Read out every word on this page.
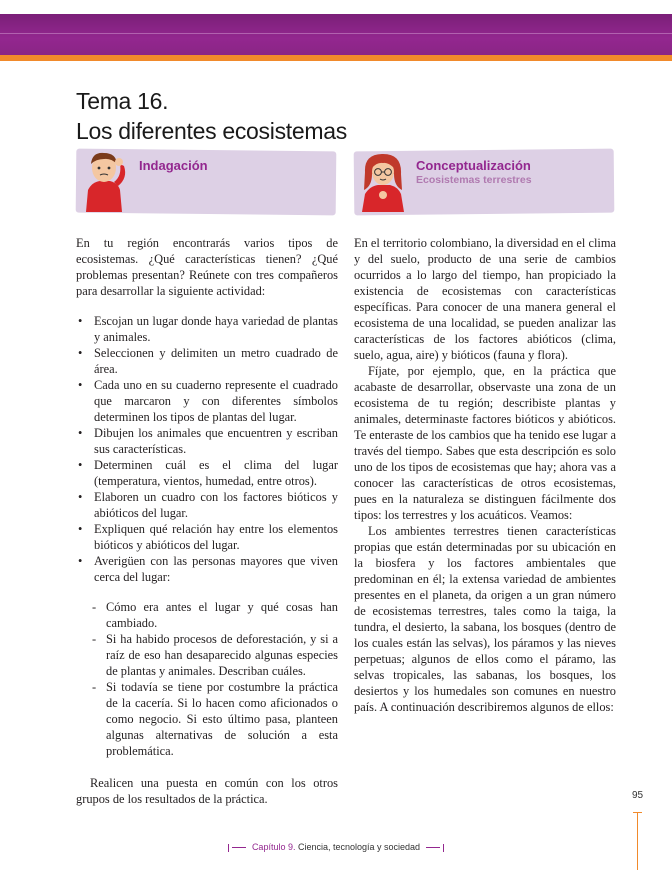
Tema 16.
Los diferentes ecosistemas
Indagación	Conceptualización
Ecosistemas terrestres

En tu región encontrarás varios tipos de ecosistemas. ¿Qué características tienen? ¿Qué problemas presentan? Reúnete con tres compañeros para desarrollar la siguiente actividad:

• Escojan un lugar donde haya variedad de plantas y animales.
• Seleccionen y delimiten un metro cuadrado de área.
• Cada uno en su cuaderno represente el cuadrado que marcaron y con diferentes símbolos determinen los tipos de plantas del lugar.
• Dibujen los animales que encuentren y escriban sus características.
• Determinen cuál es el clima del lugar (temperatura, vientos, humedad, entre otros).
• Elaboren un cuadro con los factores bióticos y abióticos del lugar.
• Expliquen qué relación hay entre los elementos bióticos y abióticos del lugar.
• Averigüen con las personas mayores que viven cerca del lugar:
- Cómo era antes el lugar y qué cosas han cambiado.
- Si ha habido procesos de deforestación, y si a raíz de eso han desaparecido algunas especies de plantas y animales. Describan cuáles.
- Si todavía se tiene por costumbre la práctica de la cacería. Si lo hacen como aficionados o como negocio. Si esto último pasa, planteen algunas alternativas de solución a esta problemática.

Realicen una puesta en común con los otros grupos de los resultados de la práctica.

En el territorio colombiano, la diversidad en el clima y del suelo, producto de una serie de cambios ocurridos a lo largo del tiempo, han propiciado la existencia de ecosistemas con características específicas. Para conocer de una manera general el ecosistema de una localidad, se pueden analizar las características de los factores abióticos (clima, suelo, agua, aire) y bióticos (fauna y flora).

Fíjate, por ejemplo, que, en la práctica que acabaste de desarrollar, observaste una zona de un ecosistema de tu región; describiste plantas y animales, determinaste factores bióticos y abióticos. Te enteraste de los cambios que ha tenido ese lugar a través del tiempo. Sabes que esta descripción es solo uno de los tipos de ecosistemas que hay; ahora vas a conocer las características de otros ecosistemas, pues en la naturaleza se distinguen fácilmente dos tipos: los terrestres y los acuáticos. Veamos:

Los ambientes terrestres tienen características propias que están determinadas por su ubicación en la biosfera y los factores ambientales que predominan en él; la extensa variedad de ambientes presentes en el planeta, da origen a un gran número de ecosistemas terrestres, tales como la taiga, la tundra, el desierto, la sabana, los bosques (dentro de los cuales están las selvas), los páramos y las nieves perpetuas; algunos de ellos como el páramo, las selvas tropicales, las sabanas, los bosques, los desiertos y los humedales son comunes en nuestro país. A continuación describiremos algunos de ellos:

95
Capítulo 9. Ciencia, tecnología y sociedad
